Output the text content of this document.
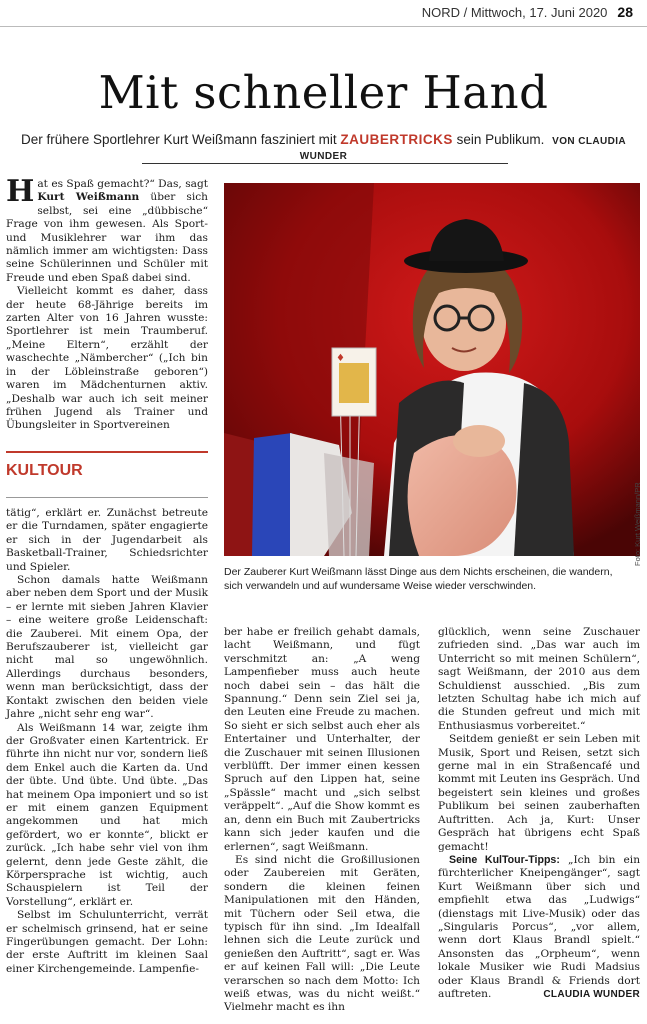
NORD / Mittwoch, 17. Juni 2020 28
Mit schneller Hand
Der frühere Sportlehrer Kurt Weißmann fasziniert mit ZAUBERTRICKS sein Publikum. VON CLAUDIA WUNDER

Hat es Spaß gemacht?“ Das, sagt Kurt Weißmann über sich selbst, sei eine „dübbische“ Frage von ihm gewesen. Als Sport- und Musiklehrer war ihm das nämlich immer am wichtigsten: Dass seine Schülerinnen und Schüler mit Freude und eben Spaß dabei sind.

Vielleicht kommt es daher, dass der heute 68-Jährige bereits im zarten Alter von 16 Jahren wusste: Sportlehrer ist mein Traumberuf. „Meine Eltern“, erzählt der waschechte „Nämbercher“ („Ich bin in der Löbleinstraße geboren“) waren im Mädchenturnen aktiv. „Deshalb war auch ich seit meiner frühen Jugend als Trainer und Übungsleiter in Sportvereinen

KULTOUR

tätig“, erklärt er. Zunächst betreute er die Turndamen, später engagierte er sich in der Jugendarbeit als Basketball-Trainer, Schiedsrichter und Spieler.

Schon damals hatte Weißmann aber neben dem Sport und der Musik – er lernte mit sieben Jahren Klavier – eine weitere große Leidenschaft: die Zauberei. Mit einem Opa, der Berufszauberer ist, vielleicht gar nicht mal so ungewöhnlich. Allerdings durchaus besonders, wenn man berücksichtigt, dass der Kontakt zwischen den beiden viele Jahre „nicht sehr eng war“.

Als Weißmann 14 war, zeigte ihm der Großvater einen Kartentrick. Er führte ihn nicht nur vor, sondern ließ dem Enkel auch die Karten da. Und der übte. Und übte. Und übte. „Das hat meinem Opa imponiert und so ist er mit einem ganzen Equipment angekommen und hat mich gefördert, wo er konnte“, blickt er zurück. „Ich habe sehr viel von ihm gelernt, denn jede Geste zählt, die Körpersprache ist wichtig, auch Schauspielern ist Teil der Vorstellung“, erklärt er.

Selbst im Schulunterricht, verrät er schelmisch grinsend, hat er seine Fingerübungen gemacht. Der Lohn: der erste Auftritt im kleinen Saal einer Kirchengemeinde. Lampenfie-

♦
Foto: Kurt Weißmann/PR
Der Zauberer Kurt Weißmann lässt Dinge aus dem Nichts erscheinen, die wandern, sich verwandeln und auf wundersame Weise wieder verschwinden.

ber habe er freilich gehabt damals, lacht Weißmann, und fügt verschmitzt an: „A weng Lampenfieber muss auch heute noch dabei sein – das hält die Spannung.“ Denn sein Ziel sei ja, den Leuten eine Freude zu machen. So sieht er sich selbst auch eher als Entertainer und Unterhalter, der die Zuschauer mit seinen Illusionen verblüfft. Der immer einen kessen Spruch auf den Lippen hat, seine „Spässle“ macht und „sich selbst veräppelt“. „Auf die Show kommt es an, denn ein Buch mit Zaubertricks kann sich jeder kaufen und die erlernen“, sagt Weißmann.

Es sind nicht die Großillusionen oder Zaubereien mit Geräten, sondern die kleinen feinen Manipulationen mit den Händen, mit Tüchern oder Seil etwa, die typisch für ihn sind. „Im Idealfall lehnen sich die Leute zurück und genießen den Auftritt“, sagt er. Was er auf keinen Fall will: „Die Leute verarschen so nach dem Motto: Ich weiß etwas, was du nicht weißt.“ Vielmehr macht es ihn

glücklich, wenn seine Zuschauer zufrieden sind. „Das war auch im Unterricht so mit meinen Schülern“, sagt Weißmann, der 2010 aus dem Schuldienst ausschied. „Bis zum letzten Schultag habe ich mich auf die Stunden gefreut und mich mit Enthusiasmus vorbereitet.“

Seitdem genießt er sein Leben mit Musik, Sport und Reisen, setzt sich gerne mal in ein Straßencafé und kommt mit Leuten ins Gespräch. Und begeistert sein kleines und großes Publikum bei seinen zauberhaften Auftritten. Ach ja, Kurt: Unser Gespräch hat übrigens echt Spaß gemacht!

Seine KulTour-Tipps: „Ich bin ein fürchterlicher Kneipengänger“, sagt Kurt Weißmann über sich und empfiehlt etwa das „Ludwigs“ (dienstags mit Live-Musik) oder das „Singularis Porcus“, „vor allem, wenn dort Klaus Brandl spielt.“ Ansonsten das „Orpheum“, wenn lokale Musiker wie Rudi Madsius oder Klaus Brandl & Friends dort auftreten.	CLAUDIA WUNDER
